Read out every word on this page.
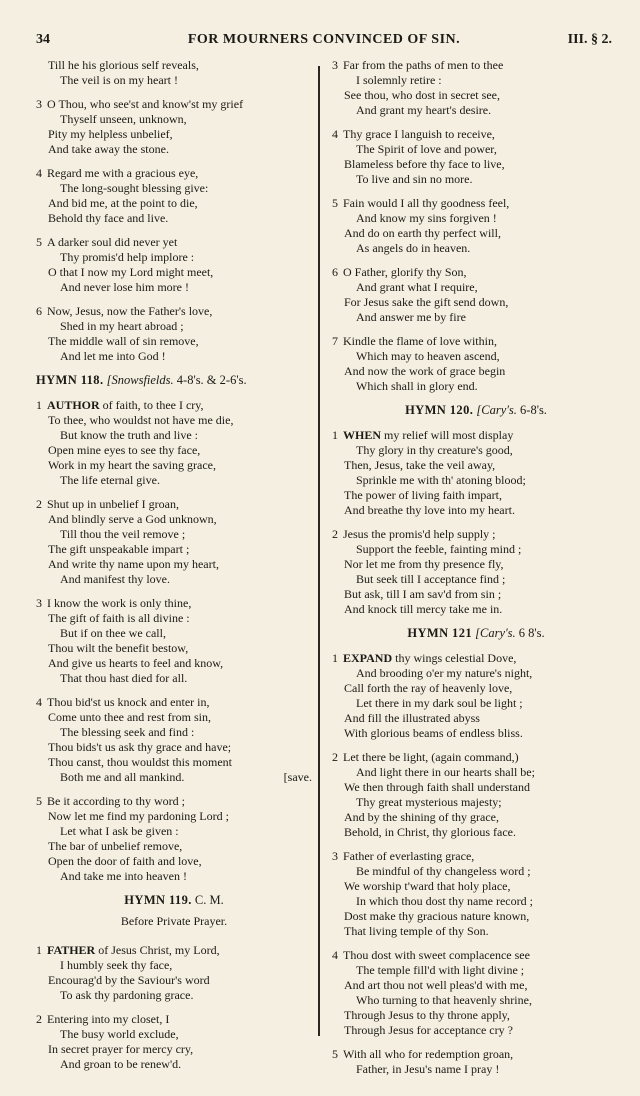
34	FOR MOURNERS CONVINCED OF SIN.	III. § 2.
Till he his glorious self reveals,
The veil is on my heart !
3 O Thou, who see'st and know'st my grief
Thyself unseen, unknown,
Pity my helpless unbelief,
And take away the stone.
4 Regard me with a gracious eye,
The long-sought blessing give:
And bid me, at the point to die,
Behold thy face and live.
5 A darker soul did never yet
Thy promis'd help implore :
O that I now my Lord might meet,
And never lose him more !
6 Now, Jesus, now the Father's love,
Shed in my heart abroad ;
The middle wall of sin remove,
And let me into God !
HYMN 118. [Snowsfields. 4-8's. & 2-6's.
1 AUTHOR of faith, to thee I cry,
To thee, who wouldst not have me die,
But know the truth and live :
Open mine eyes to see thy face,
Work in my heart the saving grace,
The life eternal give.
2 Shut up in unbelief I groan,
And blindly serve a God unknown,
Till thou the veil remove ;
The gift unspeakable impart ;
And write thy name upon my heart,
And manifest thy love.
3 I know the work is only thine,
The gift of faith is all divine :
But if on thee we call,
Thou wilt the benefit bestow,
And give us hearts to feel and know,
That thou hast died for all.
4 Thou bid'st us knock and enter in,
Come unto thee and rest from sin,
The blessing seek and find :
Thou bids't us ask thy grace and have;
Thou canst, thou wouldst this moment
Both me and all mankind.	[save.
5 Be it according to thy word ;
Now let me find my pardoning Lord ;
Let what I ask be given :
The bar of unbelief remove,
Open the door of faith and love,
And take me into heaven !
HYMN 119. C. M.
Before Private Prayer.
1 FATHER of Jesus Christ, my Lord,
I humbly seek thy face,
Encourag'd by the Saviour's word
To ask thy pardoning grace.
2 Entering into my closet, I
The busy world exclude,
In secret prayer for mercy cry,
And groan to be renew'd.
3 Far from the paths of men to thee
I solemnly retire :
See thou, who dost in secret see,
And grant my heart's desire.
4 Thy grace I languish to receive,
The Spirit of love and power,
Blameless before thy face to live,
To live and sin no more.
5 Fain would I all thy goodness feel,
And know my sins forgiven !
And do on earth thy perfect will,
As angels do in heaven.
6 O Father, glorify thy Son,
And grant what I require,
For Jesus sake the gift send down,
And answer me by fire
7 Kindle the flame of love within,
Which may to heaven ascend,
And now the work of grace begin
Which shall in glory end.
HYMN 120. [Cary's. 6-8's.
1 WHEN my relief will most display
Thy glory in thy creature's good,
Then, Jesus, take the veil away,
Sprinkle me with th' atoning blood;
The power of living faith impart,
And breathe thy love into my heart.
2 Jesus the promis'd help supply ;
Support the feeble, fainting mind ;
Nor let me from thy presence fly,
But seek till I acceptance find ;
But ask, till I am sav'd from sin ;
And knock till mercy take me in.
HYMN 121 [Cary's. 6 8's.
1 EXPAND thy wings celestial Dove,
And brooding o'er my nature's night,
Call forth the ray of heavenly love,
Let there in my dark soul be light ;
And fill the illustrated abyss
With glorious beams of endless bliss.
2 Let there be light, (again command,)
And light there in our hearts shall be;
We then through faith shall understand
Thy great mysterious majesty;
And by the shining of thy grace,
Behold, in Christ, thy glorious face.
3 Father of everlasting grace,
Be mindful of thy changeless word ;
We worship t'ward that holy place,
In which thou dost thy name record ;
Dost make thy gracious nature known,
That living temple of thy Son.
4 Thou dost with sweet complacence see
The temple fill'd with light divine ;
And art thou not well pleas'd with me,
Who turning to that heavenly shrine,
Through Jesus to thy throne apply,
Through Jesus for acceptance cry ?
5 With all who for redemption groan,
Father, in Jesu's name I pray !
